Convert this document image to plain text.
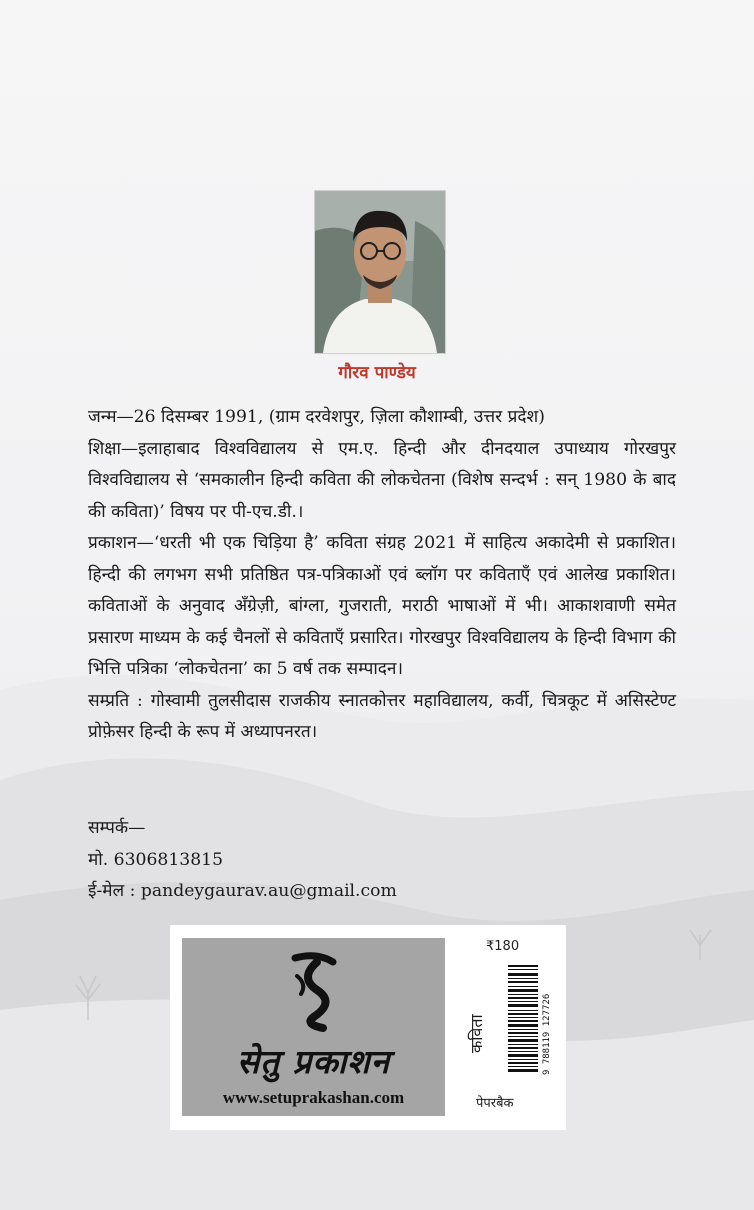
गौरव पाण्डेय

जन्म—26 दिसम्बर 1991, (ग्राम दरवेशपुर, ज़िला कौशाम्बी, उत्तर प्रदेश)

शिक्षा—इलाहाबाद विश्वविद्यालय से एम.ए. हिन्दी और दीनदयाल उपाध्याय गोरखपुर विश्वविद्यालय से ‘समकालीन हिन्दी कविता की लोकचेतना (विशेष सन्दर्भ : सन् 1980 के बाद की कविता)’ विषय पर पी-एच.डी.।

प्रकाशन—‘धरती भी एक चिड़िया है’ कविता संग्रह 2021 में साहित्य अकादेमी से प्रकाशित। हिन्दी की लगभग सभी प्रतिष्ठित पत्र-पत्रिकाओं एवं ब्लॉग पर कविताएँ एवं आलेख प्रकाशित। कविताओं के अनुवाद अँग्रेज़ी, बांग्ला, गुजराती, मराठी भाषाओं में भी। आकाशवाणी समेत प्रसारण माध्यम के कई चैनलों से कविताएँ प्रसारित। गोरखपुर विश्वविद्यालय के हिन्दी विभाग की भित्ति पत्रिका ‘लोकचेतना’ का 5 वर्ष तक सम्पादन।

सम्प्रति : गोस्वामी तुलसीदास राजकीय स्नातकोत्तर महाविद्यालय, कर्वी, चित्रकूट में असिस्टेण्ट प्रोफ़ेसर हिन्दी के रूप में अध्यापनरत।

सम्पर्क—

मो. 6306813815

ई-मेल : pandeygaurav.au@gmail.com

सेतु प्रकाशन
www.setuprakashan.com
₹180
कविता	9 788119 127726
पेपरबैक
